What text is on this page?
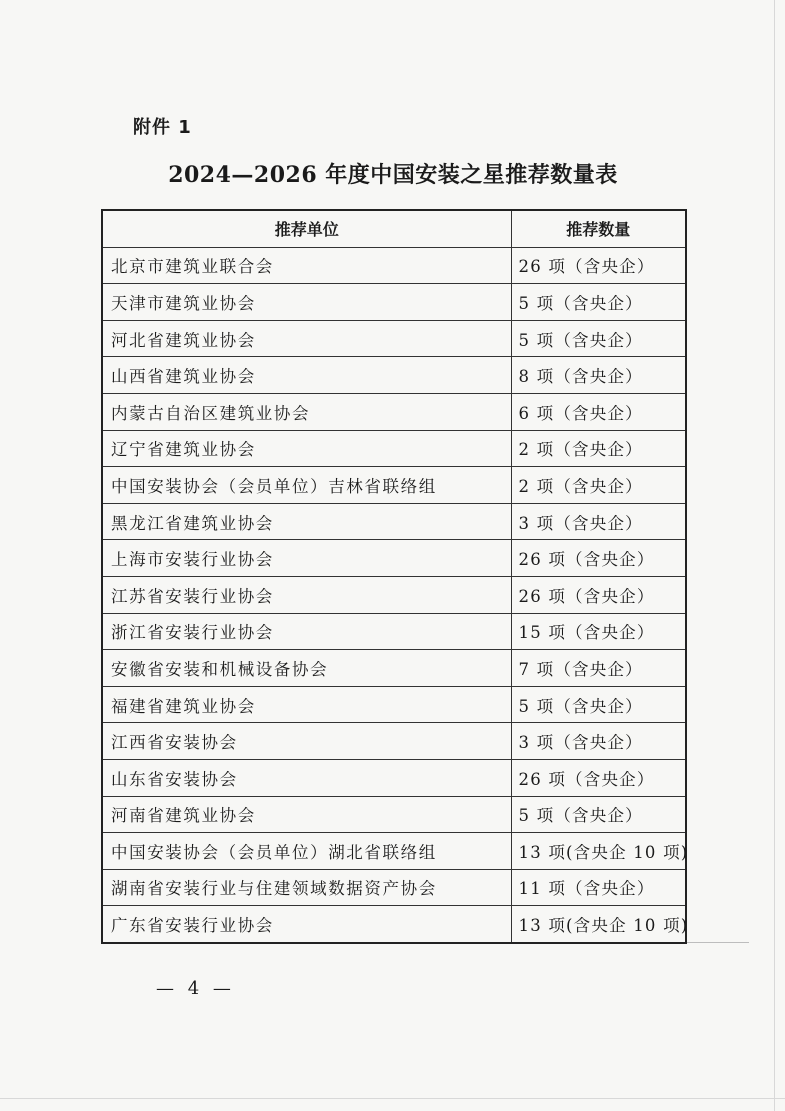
附件 1
2024—2026 年度中国安装之星推荐数量表
推荐单位	推荐数量
北京市建筑业联合会	26 项（含央企）
天津市建筑业协会	5 项（含央企）
河北省建筑业协会	5 项（含央企）
山西省建筑业协会	8 项（含央企）
内蒙古自治区建筑业协会	6 项（含央企）
辽宁省建筑业协会	2 项（含央企）
中国安装协会（会员单位）吉林省联络组	2 项（含央企）
黑龙江省建筑业协会	3 项（含央企）
上海市安装行业协会	26 项（含央企）
江苏省安装行业协会	26 项（含央企）
浙江省安装行业协会	15 项（含央企）
安徽省安装和机械设备协会	7 项（含央企）
福建省建筑业协会	5 项（含央企）
江西省安装协会	3 项（含央企）
山东省安装协会	26 项（含央企）
河南省建筑业协会	5 项（含央企）
中国安装协会（会员单位）湖北省联络组	13 项(含央企 10 项)
湖南省安装行业与住建领域数据资产协会	11 项（含央企）
广东省安装行业协会	13 项(含央企 10 项)
— 4 —
